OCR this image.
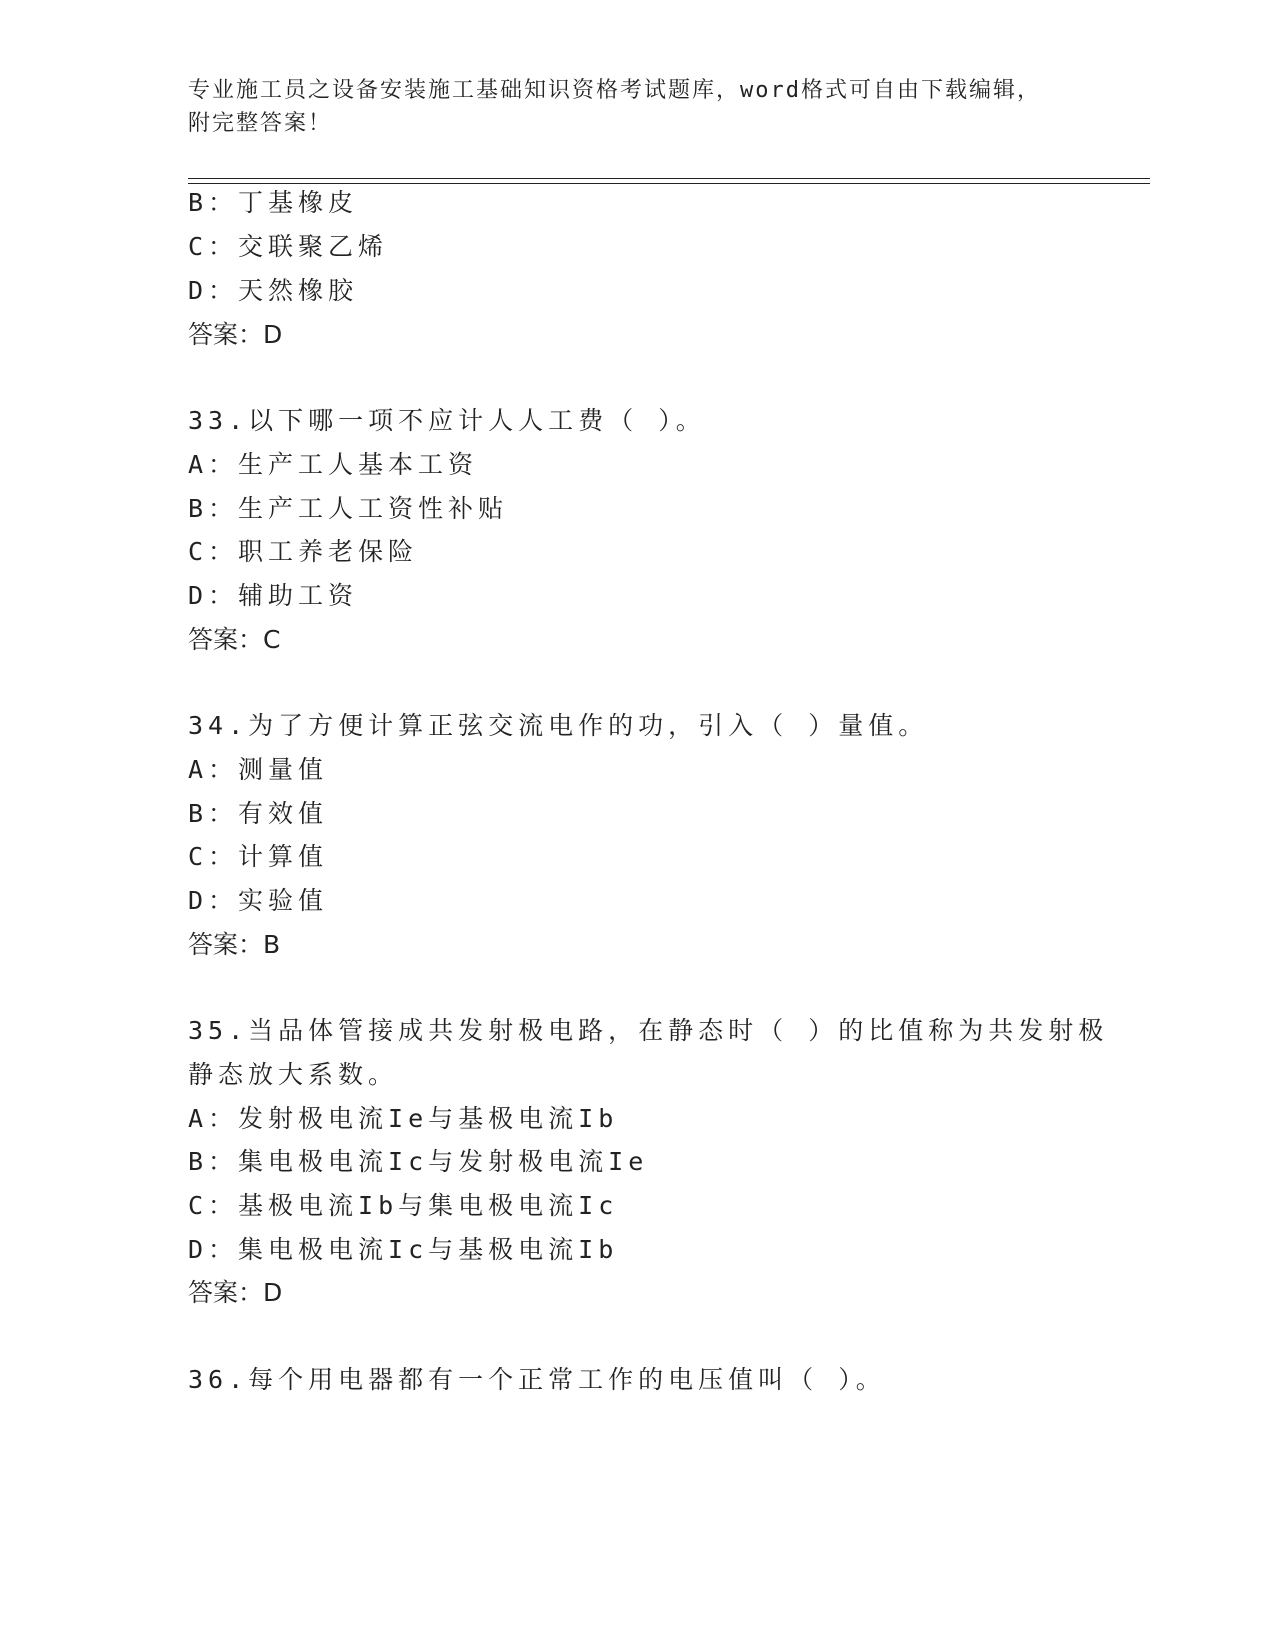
专业施工员之设备安装施工基础知识资格考试题库，word格式可自由下载编辑，
附完整答案！
B：丁基橡皮
C：交联聚乙烯
D：天然橡胶
答案：D
33.以下哪一项不应计人人工费（ ）。
A：生产工人基本工资
B：生产工人工资性补贴
C：职工养老保险
D：辅助工资
答案：C
34.为了方便计算正弦交流电作的功，引入（ ）量值。
A：测量值
B：有效值
C：计算值
D：实验值
答案：B
35.当品体管接成共发射极电路，在静态时（ ）的比值称为共发射极
静态放大系数。
A：发射极电流Ie与基极电流Ib
B：集电极电流Ic与发射极电流Ie
C：基极电流Ib与集电极电流Ic
D：集电极电流Ic与基极电流Ib
答案：D
36.每个用电器都有一个正常工作的电压值叫（ ）。
